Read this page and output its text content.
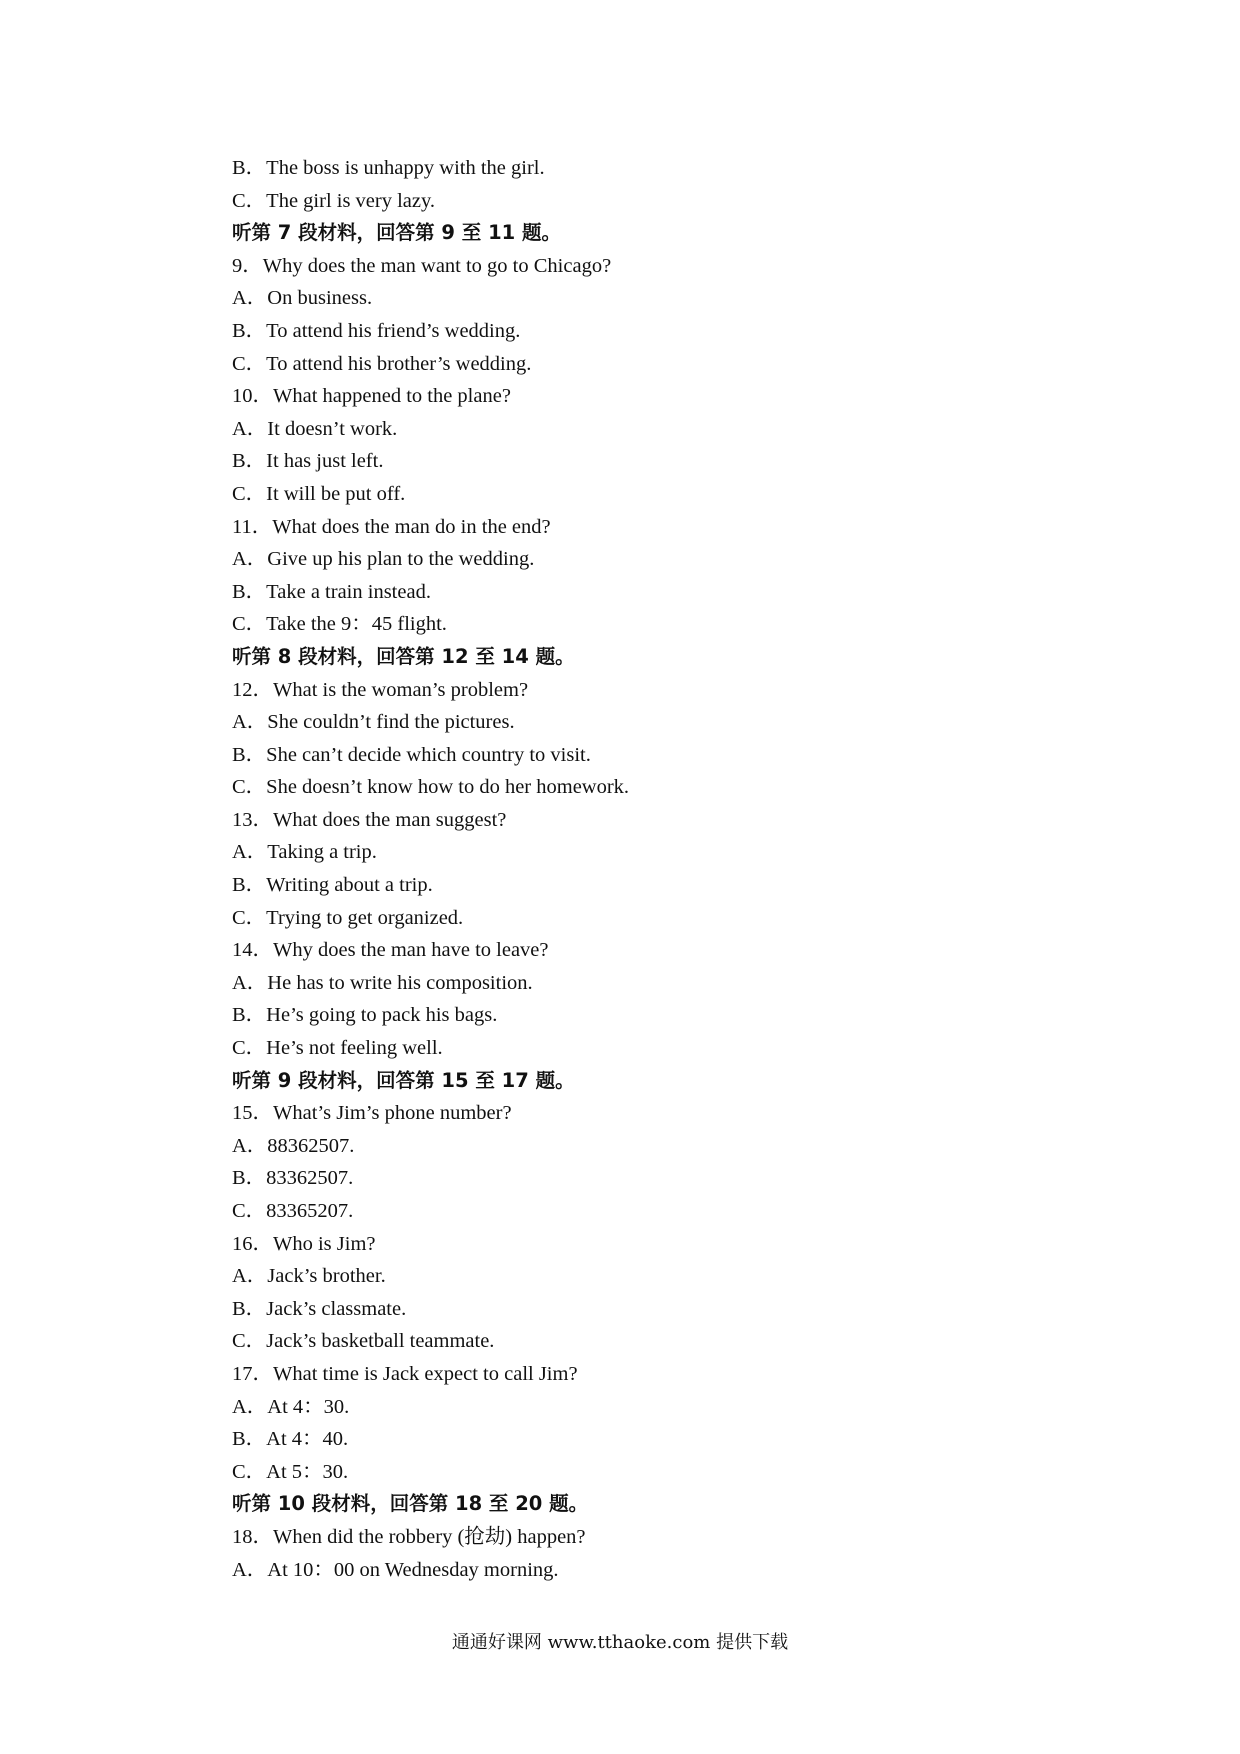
B．The boss is unhappy with the girl.
C．The girl is very lazy.
听第 7 段材料，回答第 9 至 11 题。
9．Why does the man want to go to Chicago?
A．On business.
B．To attend his friend’s wedding.
C．To attend his brother’s wedding.
10．What happened to the plane?
A．It doesn’t work.
B．It has just left.
C．It will be put off.
11．What does the man do in the end?
A．Give up his plan to the wedding.
B．Take a train instead.
C．Take the 9：45 flight.
听第 8 段材料，回答第 12 至 14 题。
12．What is the woman’s problem?
A．She couldn’t find the pictures.
B．She can’t decide which country to visit.
C．She doesn’t know how to do her homework.
13．What does the man suggest?
A．Taking a trip.
B．Writing about a trip.
C．Trying to get organized.
14．Why does the man have to leave?
A．He has to write his composition.
B．He’s going to pack his bags.
C．He’s not feeling well.
听第 9 段材料，回答第 15 至 17 题。
15．What’s Jim’s phone number?
A．88362507.
B．83362507.
C．83365207.
16．Who is Jim?
A．Jack’s brother.
B．Jack’s classmate.
C．Jack’s basketball teammate.
17．What time is Jack expect to call Jim?
A．At 4：30.
B．At 4：40.
C．At 5：30.
听第 10 段材料，回答第 18 至 20 题。
18．When did the robbery (抢劫) happen?
A．At 10：00 on Wednesday morning.
通通好课网 www.tthaoke.com 提供下载
